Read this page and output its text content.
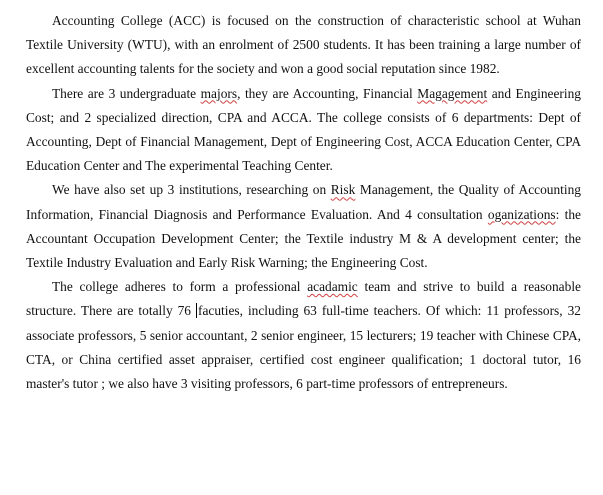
Accounting College (ACC) is focused on the construction of characteristic school at Wuhan Textile University (WTU), with an enrolment of 2500 students. It has been training a large number of excellent accounting talents for the society and won a good social reputation since 1982.

There are 3 undergraduate majors, they are Accounting, Financial Magagement and Engineering Cost; and 2 specialized direction, CPA and ACCA. The college consists of 6 departments: Dept of Accounting, Dept of Financial Management, Dept of Engineering Cost, ACCA Education Center, CPA Education Center and The experimental Teaching Center.

We have also set up 3 institutions, researching on Risk Management, the Quality of Accounting Information, Financial Diagnosis and Performance Evaluation. And 4 consultation oganizations: the Accountant Occupation Development Center; the Textile industry M & A development center; the Textile Industry Evaluation and Early Risk Warning; the Engineering Cost.

The college adheres to form a professional acadamic team and strive to build a reasonable structure. There are totally 76 facuties, including 63 full-time teachers. Of which: 11 professors, 32 associate professors, 5 senior accountant, 2 senior engineer, 15 lecturers; 19 teacher with Chinese CPA, CTA, or China certified asset appraiser, certified cost engineer qualification; 1 doctoral tutor, 16 master's tutor ; we also have 3 visiting professors, 6 part-time professors of entrepreneurs.
